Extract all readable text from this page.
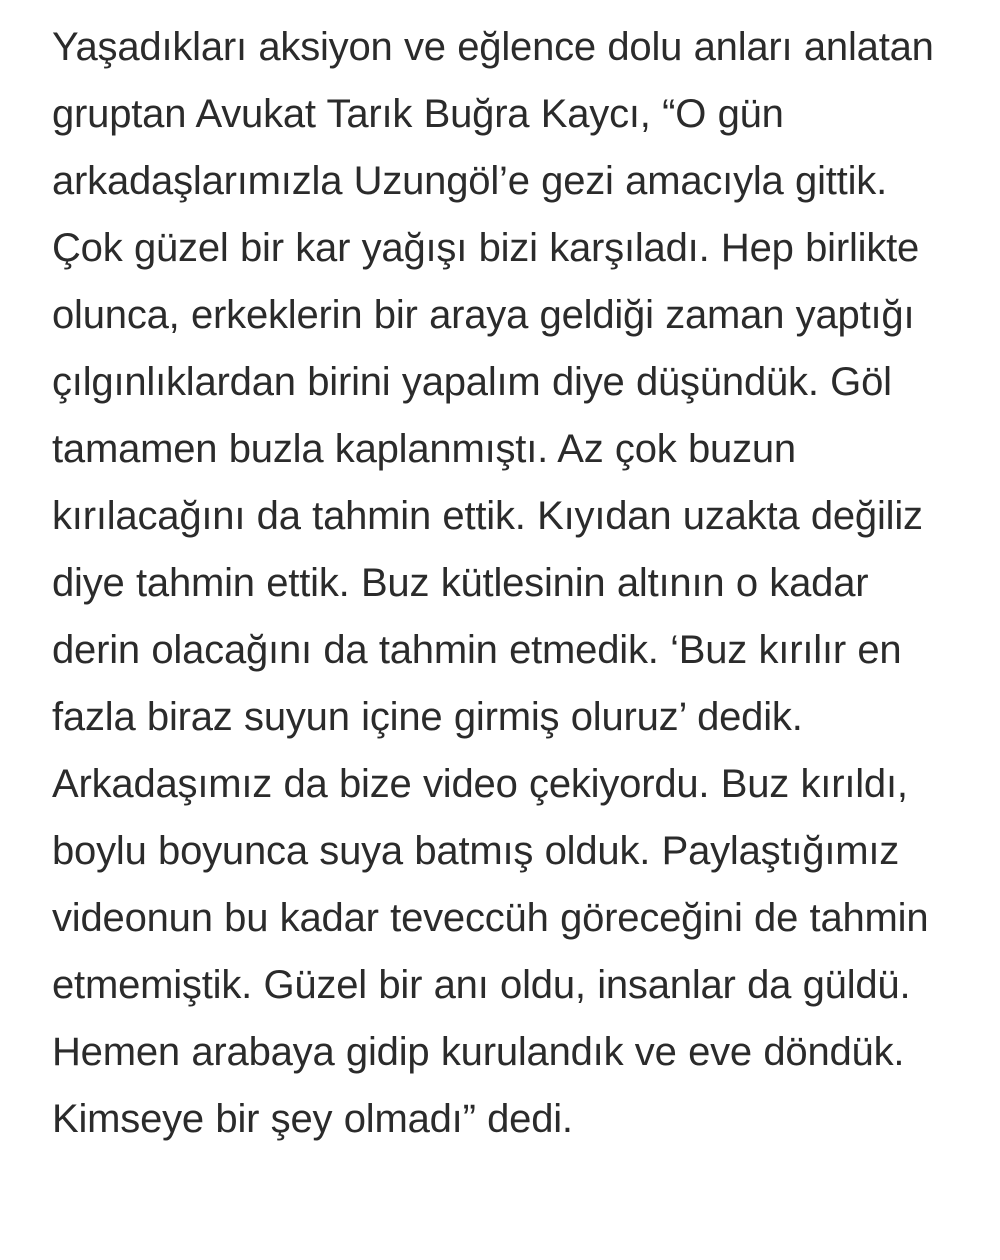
Yaşadıkları aksiyon ve eğlence dolu anları anlatan gruptan Avukat Tarık Buğra Kaycı, “O gün arkadaşlarımızla Uzungöl’e gezi amacıyla gittik. Çok güzel bir kar yağışı bizi karşıladı. Hep birlikte olunca, erkeklerin bir araya geldiği zaman yaptığı çılgınlıklardan birini yapalım diye düşündük. Göl tamamen buzla kaplanmıştı. Az çok buzun kırılacağını da tahmin ettik. Kıyıdan uzakta değiliz diye tahmin ettik. Buz kütlesinin altının o kadar derin olacağını da tahmin etmedik. ‘Buz kırılır en fazla biraz suyun içine girmiş oluruz’ dedik. Arkadaşımız da bize video çekiyordu. Buz kırıldı, boylu boyunca suya batmış olduk. Paylaştığımız videonun bu kadar teveccüh göreceğini de tahmin etmemiştik. Güzel bir anı oldu, insanlar da güldü. Hemen arabaya gidip kurulandık ve eve döndük. Kimseye bir şey olmadı” dedi.
